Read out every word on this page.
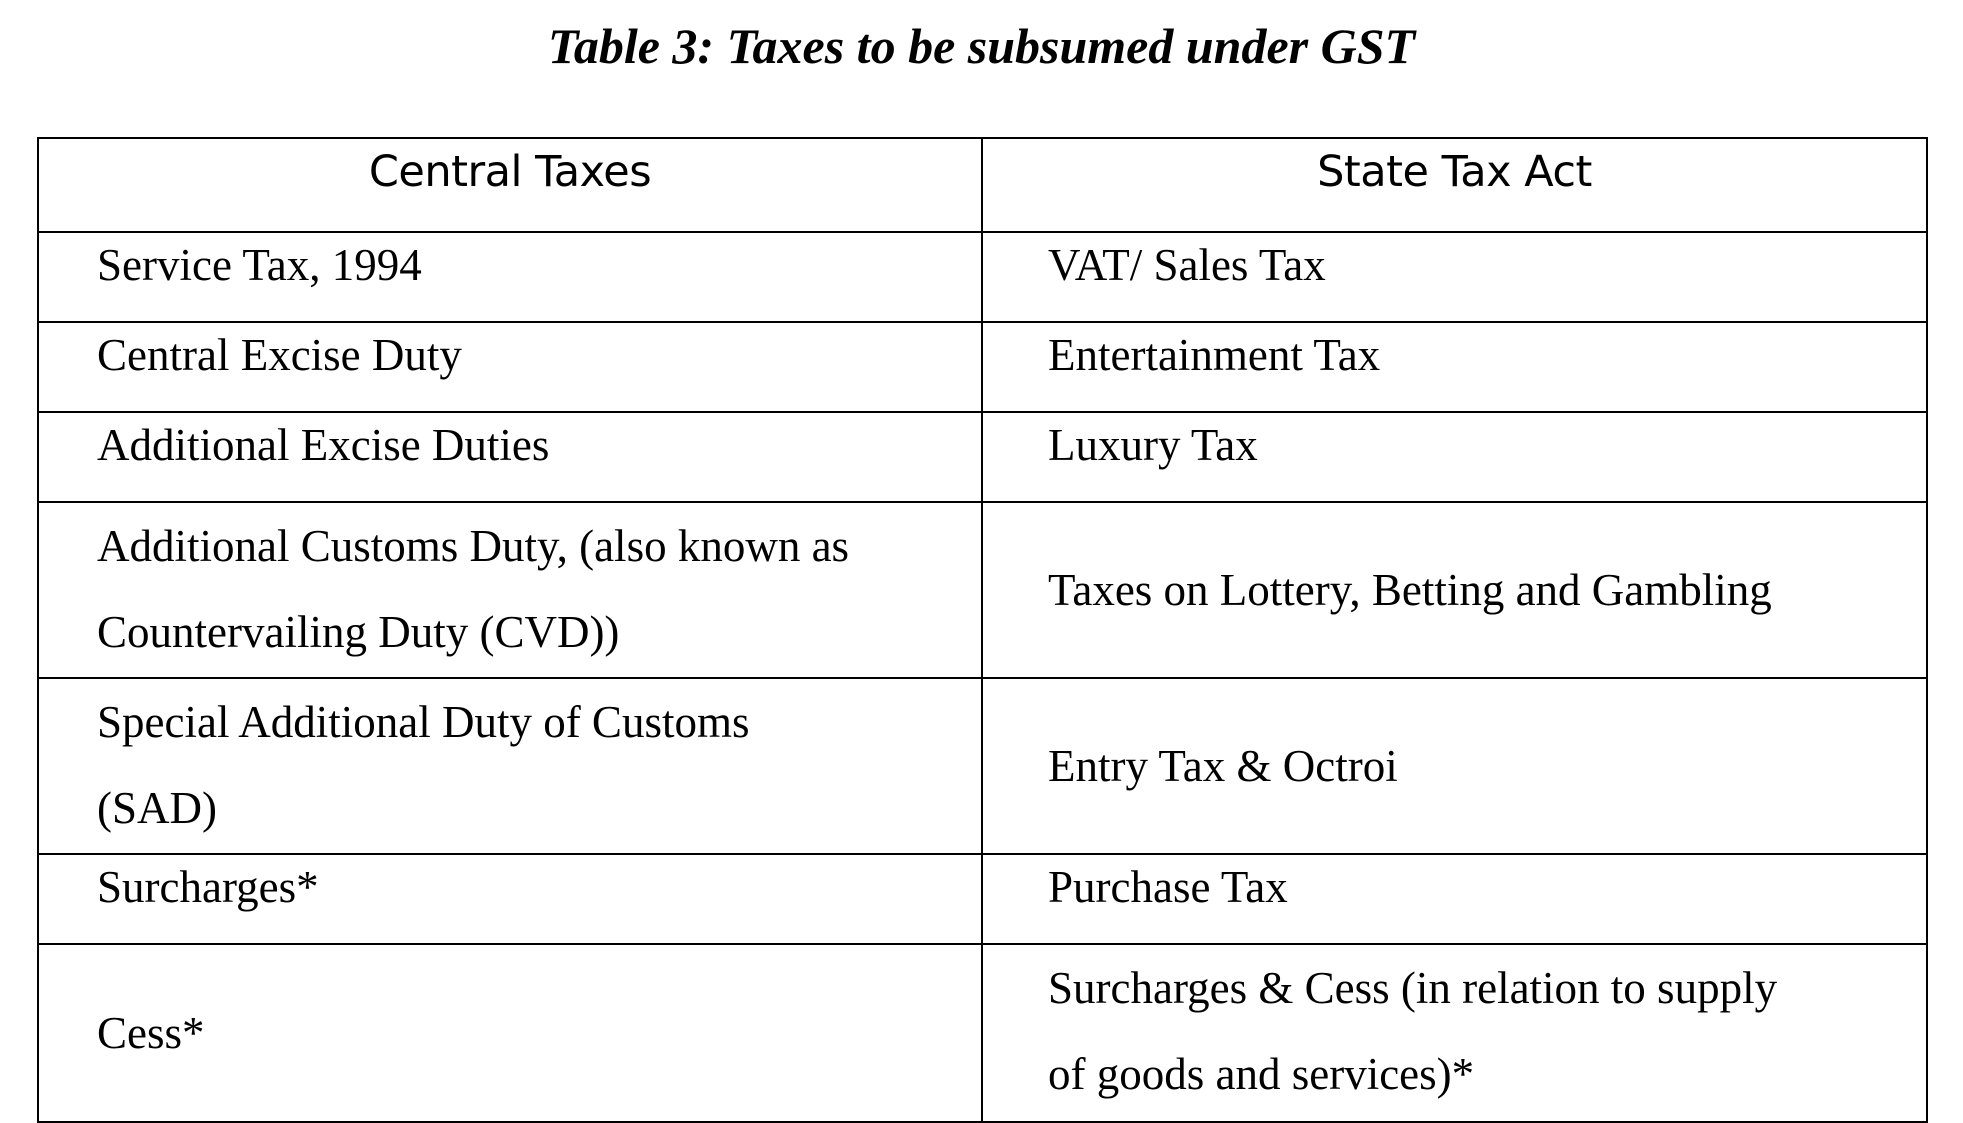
Table 3: Taxes to be subsumed under GST
Central Taxes	State Tax Act
Service Tax, 1994	VAT/ Sales Tax
Central Excise Duty	Entertainment Tax
Additional Excise Duties	Luxury Tax

Additional Customs Duty, (also known as
Countervailing Duty (CVD))	Taxes on Lottery, Betting and Gambling

Special Additional Duty of Customs
(SAD)	Entry Tax & Octroi
Surcharges*	Purchase Tax
Cess*	Surcharges & Cess (in relation to supply
of goods and services)*
